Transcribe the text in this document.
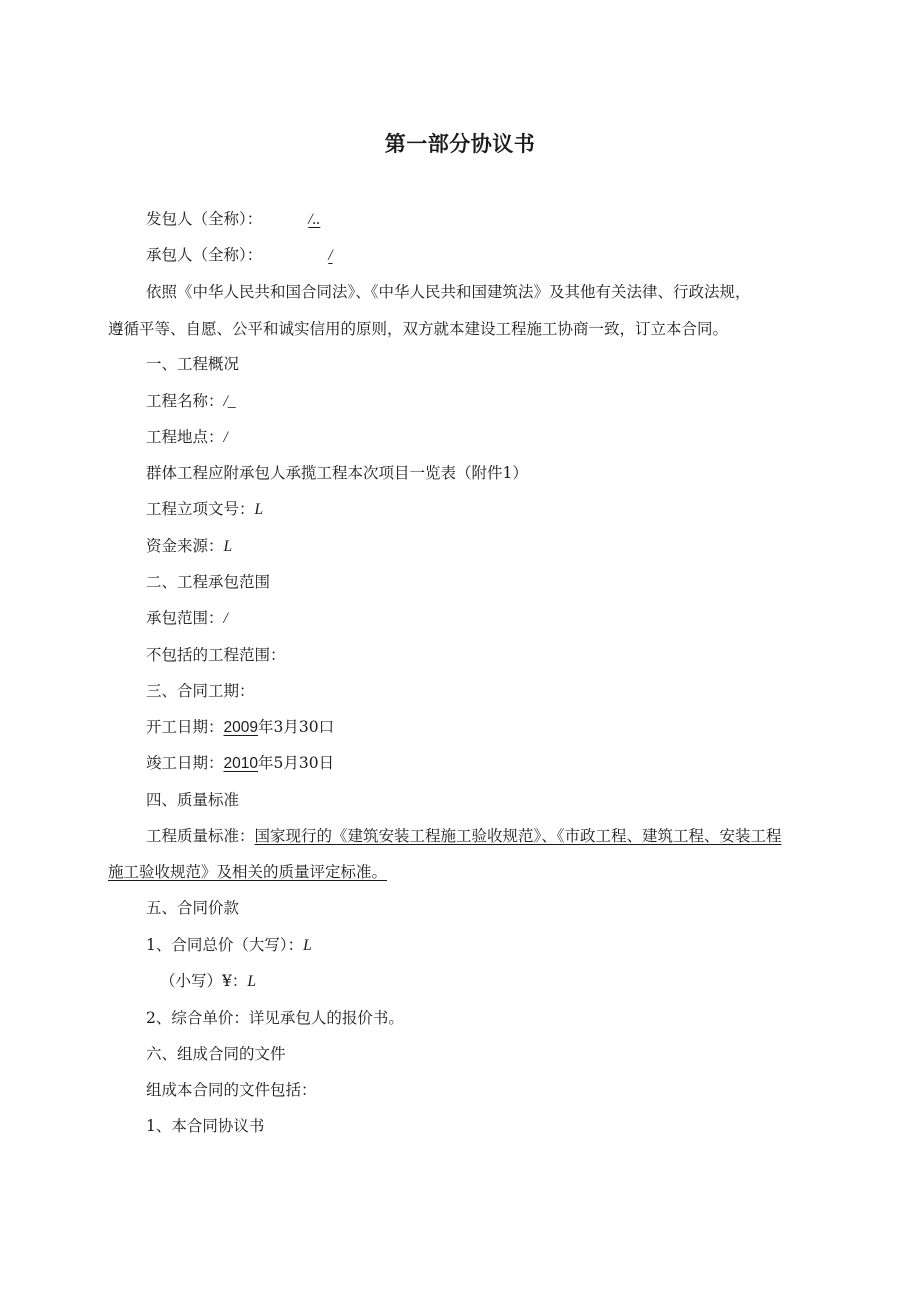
第一部分协议书
发包人（全称）：	/..
承包人（全称）：	/
依照《中华人民共和国合同法》、《中华人民共和国建筑法》及其他有关法律、行政法规，
遵循平等、自愿、公平和诚实信用的原则，双方就本建设工程施工协商一致，订立本合同。
一、工程概况
工程名称：/_
工程地点：/
群体工程应附承包人承揽工程本次项目一览表（附件1）
工程立项文号：L
资金来源：L
二、工程承包范围
承包范围：/
不包括的工程范围：
三、合同工期：
开工日期：2009年3月30口
竣工日期：2010年5月30日
四、质量标准
工程质量标准：国家现行的《建筑安装工程施工验收规范》、《市政工程、建筑工程、安装工程
施工验收规范》及相关的质量评定标准。
五、合同价款
1、合同总价（大写）：L
（小写）¥：L
2、综合单价：详见承包人的报价书。
六、组成合同的文件
组成本合同的文件包括：
1、本合同协议书
